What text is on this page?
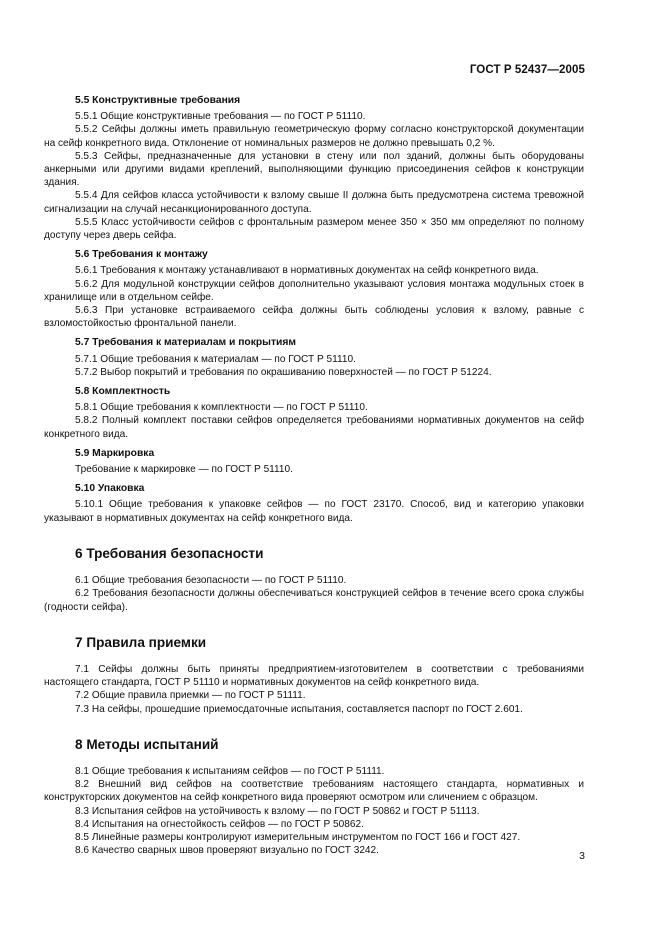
ГОСТ Р 52437—2005
5.5 Конструктивные требования
5.5.1 Общие конструктивные требования — по ГОСТ Р 51110.
5.5.2 Сейфы должны иметь правильную геометрическую форму согласно конструкторской документации на сейф конкретного вида. Отклонение от номинальных размеров не должно превышать 0,2 %.
5.5.3 Сейфы, предназначенные для установки в стену или пол зданий, должны быть оборудованы анкерными или другими видами креплений, выполняющими функцию присоединения сейфов к конструкции здания.
5.5.4 Для сейфов класса устойчивости к взлому свыше II должна быть предусмотрена система тревожной сигнализации на случай несанкционированного доступа.
5.5.5 Класс устойчивости сейфов с фронтальным размером менее 350 × 350 мм определяют по полному доступу через дверь сейфа.
5.6 Требования к монтажу
5.6.1 Требования к монтажу устанавливают в нормативных документах на сейф конкретного вида.
5.6.2 Для модульной конструкции сейфов дополнительно указывают условия монтажа модульных стоек в хранилище или в отдельном сейфе.
5.6.3 При установке встраиваемого сейфа должны быть соблюдены условия к взлому, равные с взломостойкостью фронтальной панели.
5.7 Требования к материалам и покрытиям
5.7.1 Общие требования к материалам — по ГОСТ Р 51110.
5.7.2 Выбор покрытий и требования по окрашиванию поверхностей — по ГОСТ Р 51224.
5.8 Комплектность
5.8.1 Общие требования к комплектности — по ГОСТ Р 51110.
5.8.2 Полный комплект поставки сейфов определяется требованиями нормативных документов на сейф конкретного вида.
5.9 Маркировка
Требование к маркировке — по ГОСТ Р 51110.
5.10 Упаковка
5.10.1 Общие требования к упаковке сейфов — по ГОСТ 23170. Способ, вид и категорию упаковки указывают в нормативных документах на сейф конкретного вида.
6 Требования безопасности
6.1 Общие требования безопасности — по ГОСТ Р 51110.
6.2 Требования безопасности должны обеспечиваться конструкцией сейфов в течение всего срока службы (годности сейфа).
7 Правила приемки
7.1 Сейфы должны быть приняты предприятием-изготовителем в соответствии с требованиями настоящего стандарта, ГОСТ Р 51110 и нормативных документов на сейф конкретного вида.
7.2 Общие правила приемки — по ГОСТ Р 51111.
7.3 На сейфы, прошедшие приемосдаточные испытания, составляется паспорт по ГОСТ 2.601.
8 Методы испытаний
8.1 Общие требования к испытаниям сейфов — по ГОСТ Р 51111.
8.2 Внешний вид сейфов на соответствие требованиям настоящего стандарта, нормативных и конструкторских документов на сейф конкретного вида проверяют осмотром или сличением с образцом.
8.3 Испытания сейфов на устойчивость к взлому — по ГОСТ Р 50862 и ГОСТ Р 51113.
8.4 Испытания на огнестойкость сейфов — по ГОСТ Р 50862.
8.5 Линейные размеры контролируют измерительным инструментом по ГОСТ 166 и ГОСТ 427.
8.6 Качество сварных швов проверяют визуально по ГОСТ 3242.	3
